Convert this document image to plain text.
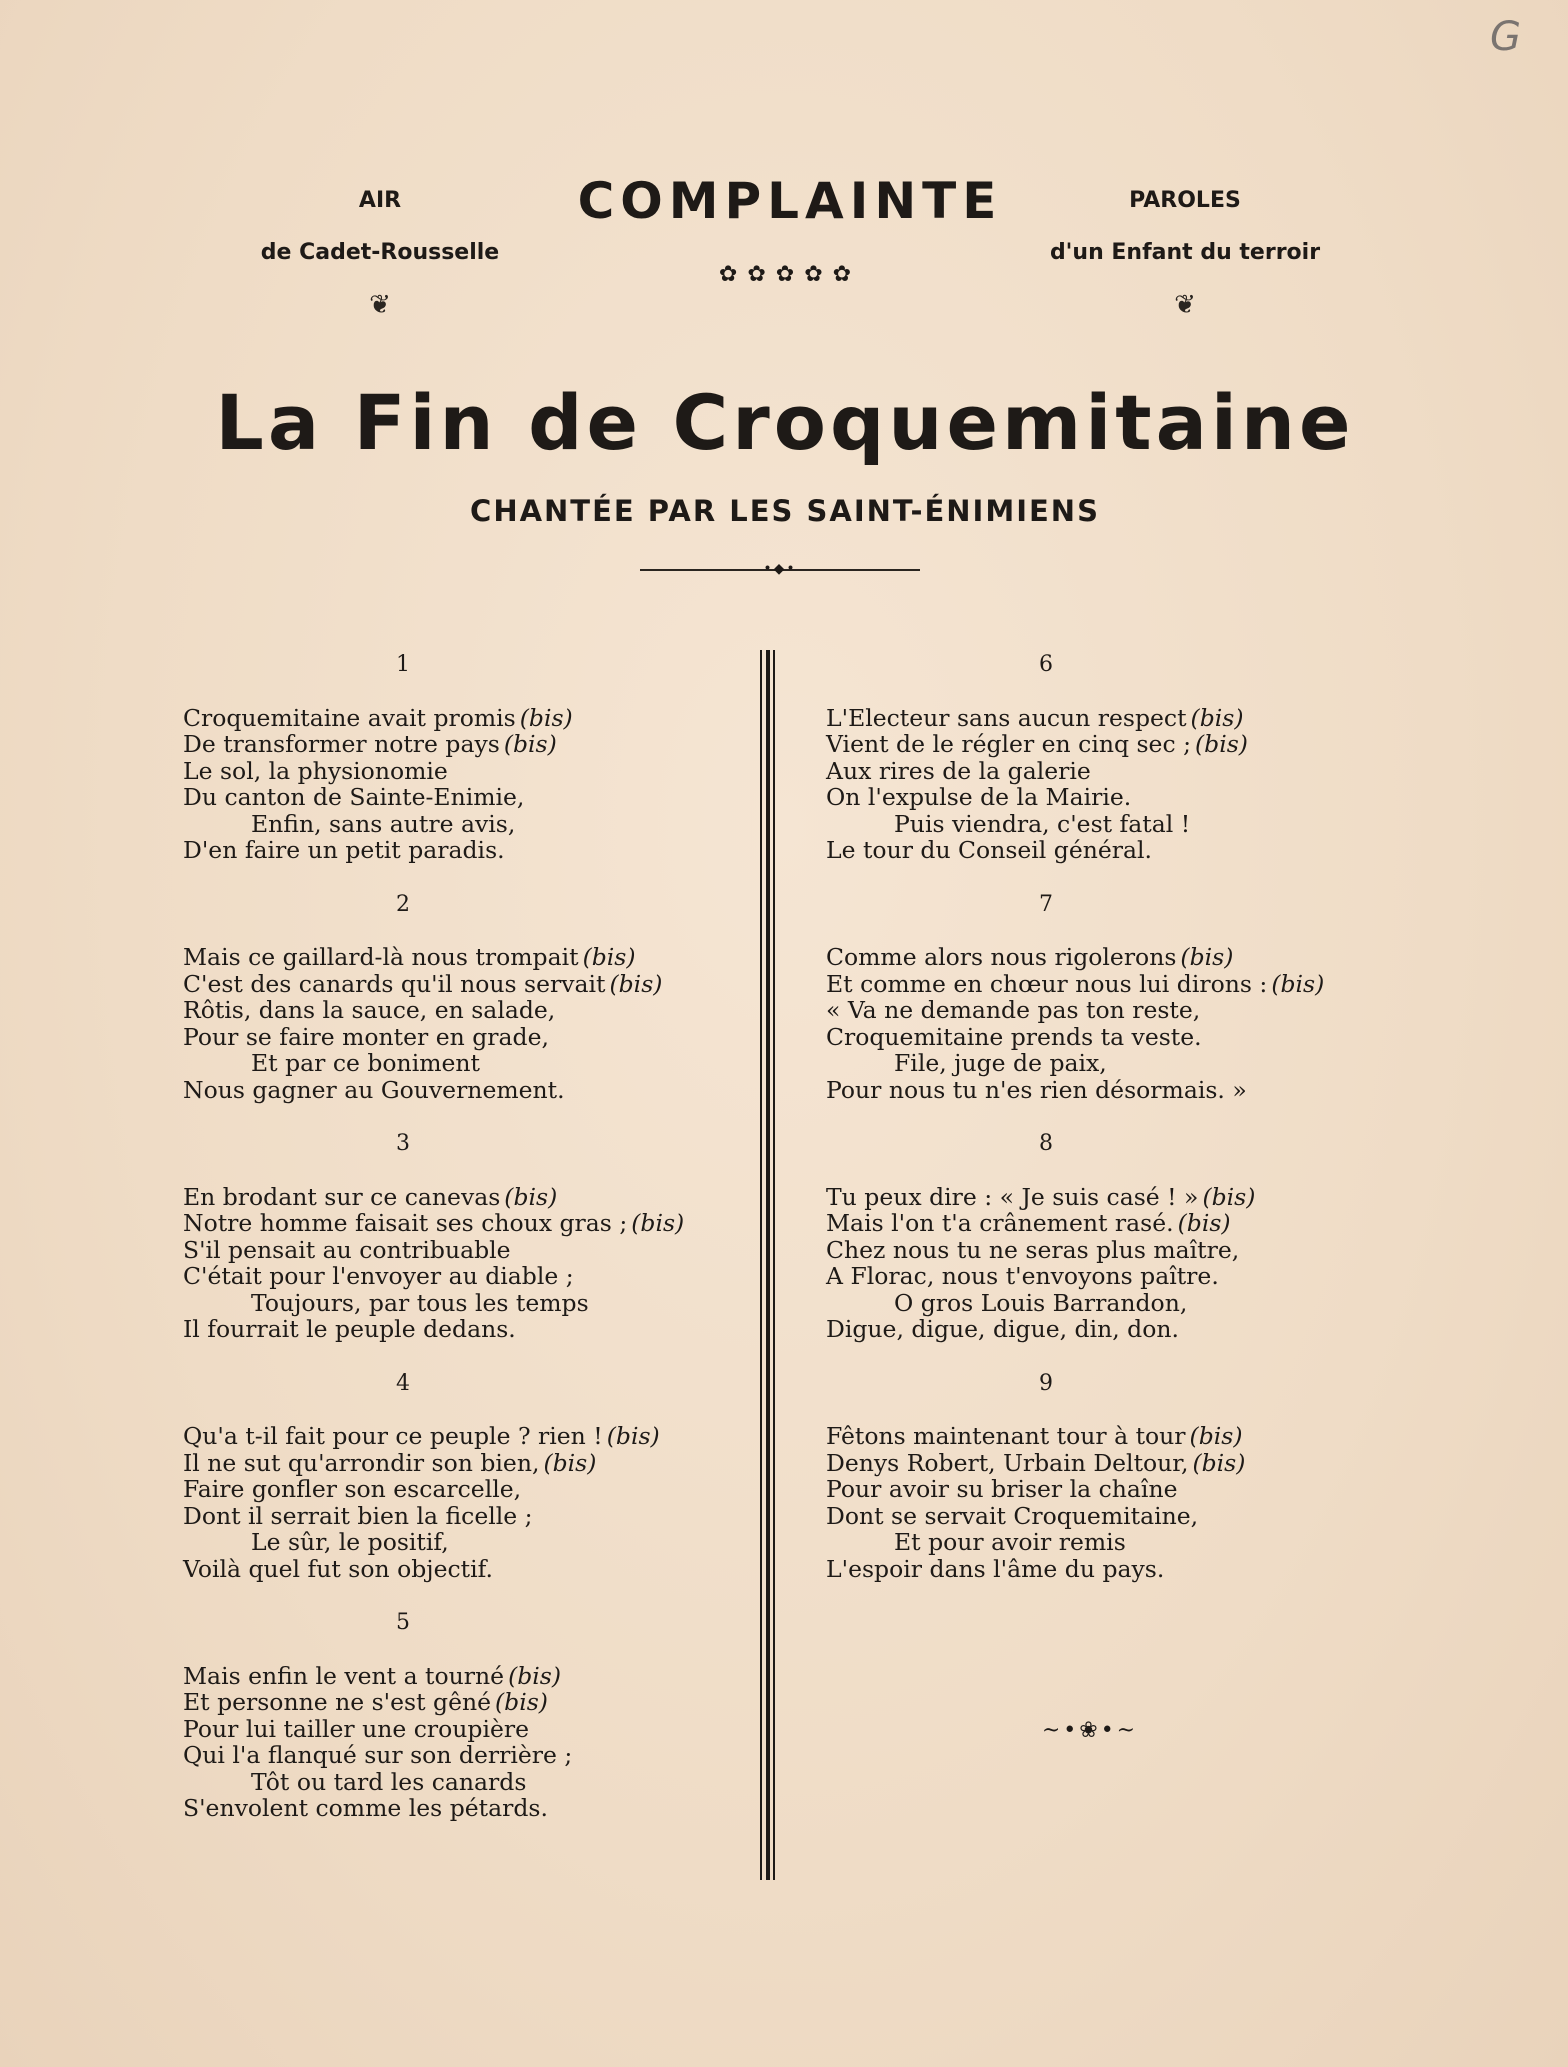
G
AIR
de Cadet-Rousselle
❦
COMPLAINTE
✿✿✿✿✿
PAROLES
d'un Enfant du terroir
❦
La Fin de Croquemitaine
CHANTÉE PAR LES SAINT-ÉNIMIENS
•◆•
1
Croquemitaine avait promis (bis)
De transformer notre pays (bis)
Le sol, la physionomie
Du canton de Sainte-Enimie,
Enfin, sans autre avis,
D'en faire un petit paradis.
2
Mais ce gaillard-là nous trompait (bis)
C'est des canards qu'il nous servait (bis)
Rôtis, dans la sauce, en salade,
Pour se faire monter en grade,
Et par ce boniment
Nous gagner au Gouvernement.
3
En brodant sur ce canevas (bis)
Notre homme faisait ses choux gras ; (bis)
S'il pensait au contribuable
C'était pour l'envoyer au diable ;
Toujours, par tous les temps
Il fourrait le peuple dedans.
4
Qu'a t-il fait pour ce peuple ? rien ! (bis)
Il ne sut qu'arrondir son bien, (bis)
Faire gonfler son escarcelle,
Dont il serrait bien la ficelle ;
Le sûr, le positif,
Voilà quel fut son objectif.
5
Mais enfin le vent a tourné (bis)
Et personne ne s'est gêné (bis)
Pour lui tailler une croupière
Qui l'a flanqué sur son derrière ;
Tôt ou tard les canards
S'envolent comme les pétards.
6
L'Electeur sans aucun respect (bis)
Vient de le régler en cinq sec ; (bis)
Aux rires de la galerie
On l'expulse de la Mairie.
Puis viendra, c'est fatal !
Le tour du Conseil général.
7
Comme alors nous rigolerons (bis)
Et comme en chœur nous lui dirons : (bis)
« Va ne demande pas ton reste,
Croquemitaine prends ta veste.
File, juge de paix,
Pour nous tu n'es rien désormais. »
8
Tu peux dire : « Je suis casé ! » (bis)
Mais l'on t'a crânement rasé. (bis)
Chez nous tu ne seras plus maître,
A Florac, nous t'envoyons paître.
O gros Louis Barrandon,
Digue, digue, digue, din, don.
9
Fêtons maintenant tour à tour (bis)
Denys Robert, Urbain Deltour, (bis)
Pour avoir su briser la chaîne
Dont se servait Croquemitaine,
Et pour avoir remis
L'espoir dans l'âme du pays.
~•❀•~
